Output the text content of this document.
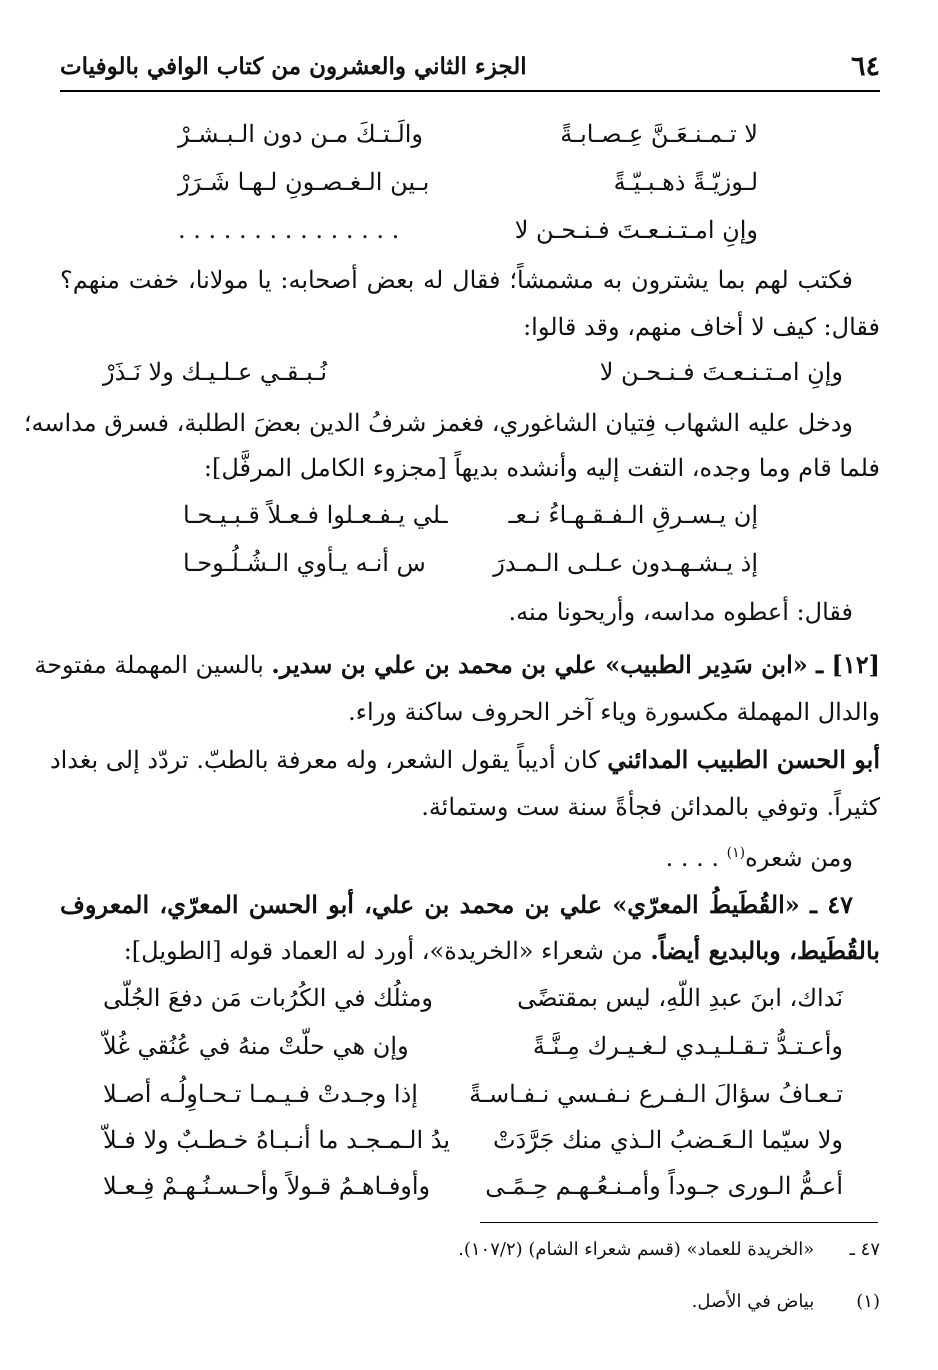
٦٤
الجزء الثاني والعشرون من كتاب الوافي بالوفيات
لا تـمـنـعَـنَّ عِـصـابـةً
والَـتـكَ مـن دون الـبـشـرْ
لـوزيّـةً ذهـبـيّـةً
بـين الـغـصـونِ لـهـا شَـرَرْ
وإنِ امـتـنـعـتَ فـنـحـن لا
. . . . . . . . . . . . . . .
فكتب لهم بما يشترون به مشمشاً؛ فقال له بعض أصحابه: يا مولانا، خفت منهم؟
فقال: كيف لا أخاف منهم، وقد قالوا:
وإنِ امـتـنـعـتَ فـنـحـن لا
نُـبـقـي عـلـيـك ولا نَـذَرْ
ودخل عليه الشهاب فِتيان الشاغوري، فغمز شرفُ الدين بعضَ الطلبة، فسرق مداسه؛
فلما قام وما وجده، التفت إليه وأنشده بديهاً [مجزوء الكامل المرفَّل]:
إن يـسـرقِ الـفـقـهـاءُ نـعـ
ـلي يـفـعـلوا فـعـلاً قـبـيـحـا
إذ يـشـهـدون عـلـى الـمـدرَ
س أنـه يـأوي الـشُـلُـوحـا
فقال: أعطوه مداسه، وأريحونا منه.
[١٢] ـ «ابن سَدِير الطبيب» علي بن محمد بن علي بن سدير. بالسين المهملة مفتوحة
والدال المهملة مكسورة وياء آخر الحروف ساكنة وراء.
أبو الحسن الطبيب المدائني كان أديباً يقول الشعر، وله معرفة بالطبّ. تردّد إلى بغداد
كثيراً. وتوفي بالمدائن فجأةً سنة ست وستمائة.
ومن شعره$^{(١)}$ . . . .
٤٧ ـ «القُطَيطُ المعرّي» علي بن محمد بن علي، أبو الحسن المعرّي، المعروف
بالقُطَيط، وبالبديع أيضاً. من شعراء «الخريدة»، أورد له العماد قوله [الطويل]:
نَداك، ابنَ عبدِ اللّهِ، ليس بمقتضًى
ومثلُك في الكُرُبات مَن دفعَ الجُلّى
وأعـتـدُّ تـقـلـيـدي لـغـيـرك مِـنَّـةً
وإن هي حلّتْ منهُ في عُنُقي غُلاّ
تـعـافُ سؤالَ الـفـرع نـفـسي نـفـاسـةً
إذا وجـدتْ فـيـمـا تـحـاوِلُـه أصـلا
ولا سيّما الـعَـضبُ الـذي منك جَرَّدَتْ
يدُ الـمـجـد ما أنـبـاهُ خـطـبٌ ولا فـلاّ
أعـمُّ الـورى جـوداً وأمـنـعُـهـم حِـمًـى
وأوفـاهـمُ قـولاً وأحـسـنُـهـمْ فِـعـلا
٤٧ ـ «الخريدة للعماد» (قسم شعراء الشام) (١٠٧/٢).
(١) بياض في الأصل.
